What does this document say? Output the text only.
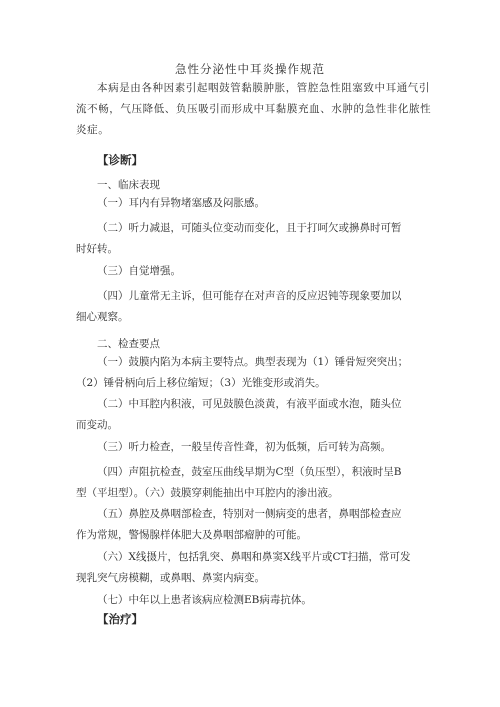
急性分泌性中耳炎操作规范
本病是由各种因素引起咽鼓管黏膜肿胀，管腔急性阻塞致中耳通气引
流不畅，气压降低、负压吸引而形成中耳黏膜充血、水肿的急性非化脓性
炎症。
【诊断】
一、临床表现
（一）耳内有异物堵塞感及闷胀感。
（二）听力减退，可随头位变动而变化，且于打呵欠或擤鼻时可暂
时好转。
（三）自觉增强。
（四）儿童常无主诉，但可能存在对声音的反应迟钝等现象要加以
细心观察。
二、检查要点
（一）鼓膜内陷为本病主要特点。典型表现为（1）锤骨短突突出；
（2）锤骨柄向后上移位缩短；（3）光锥变形或消失。
（二）中耳腔内积液，可见鼓膜色淡黄，有液平面或水泡，随头位
而变动。
（三）听力检查，一般呈传音性聋，初为低频，后可转为高频。
（四）声阻抗检查，鼓室压曲线早期为C型（负压型），积液时呈B
型（平坦型）。（六）鼓膜穿刺能抽出中耳腔内的渗出液。
（五）鼻腔及鼻咽部检查，特别对一侧病变的患者，鼻咽部检查应
作为常规，警惕腺样体肥大及鼻咽部瘤肿的可能。
（六）X线摄片，包括乳突、鼻咽和鼻窦X线平片或CT扫描，常可发
现乳突气房模糊，或鼻咽、鼻窦内病变。
（七）中年以上患者该病应检测EB病毒抗体。
【治疗】
